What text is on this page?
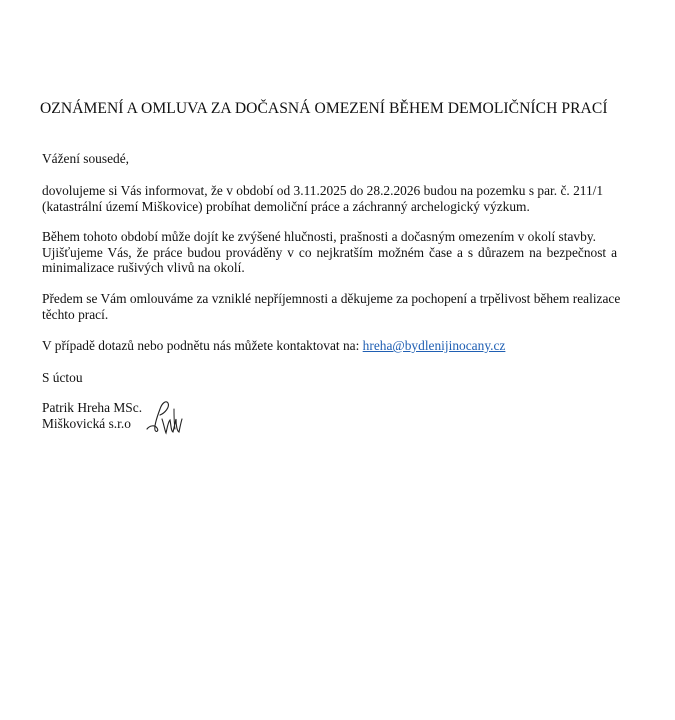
OZNÁMENÍ A OMLUVA ZA DOČASNÁ OMEZENÍ BĚHEM DEMOLIČNÍCH PRACÍ

Vážení sousedé,

dovolujeme si Vás informovat, že v období od 3.11.2025 do 28.2.2026 budou na pozemku s par. č. 211/1
(katastrální území Miškovice) probíhat demoliční práce a záchranný archelogický výzkum.
Během tohoto období může dojít ke zvýšené hlučnosti, prašnosti a dočasným omezením v okolí stavby.
Ujišťujeme Vás, že práce budou prováděny v co nejkratším možném čase a s důrazem na bezpečnost a
minimalizace rušivých vlivů na okolí.
Předem se Vám omlouváme za vzniklé nepříjemnosti a děkujeme za pochopení a trpělivost během realizace
těchto prací.
V případě dotazů nebo podnětu nás můžete kontaktovat na: hreha@bydlenijinocany.cz

S úctou

Patrik Hreha MSc.

Miškovická s.r.o
